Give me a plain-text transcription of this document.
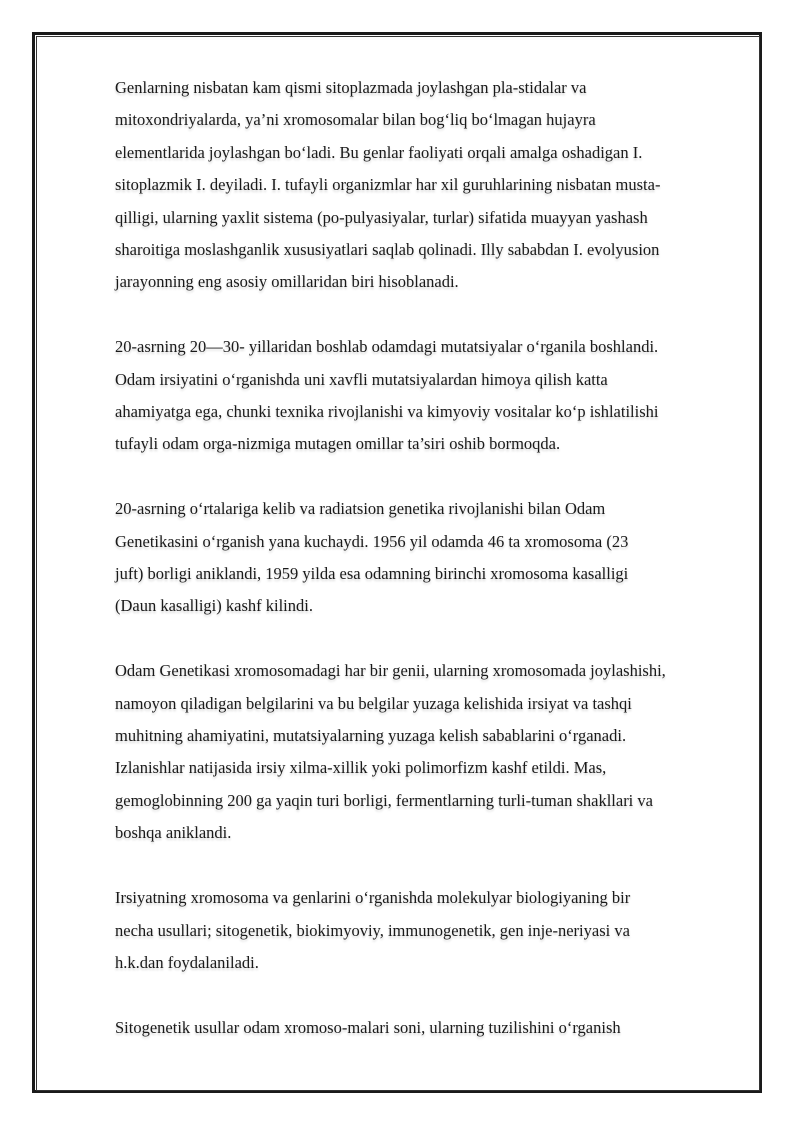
Genlarning nisbatan kam qismi sitoplazmada joylashgan pla-stidalar va
mitoxondriyalarda, ya’ni xromosomalar bilan bog‘liq bo‘lmagan hujayra
elementlarida joylashgan bo‘ladi. Bu genlar faoliyati orqali amalga oshadigan I.
sitoplazmik I. deyiladi. I. tufayli organizmlar har xil guruhlarining nisbatan musta-
qilligi, ularning yaxlit sistema (po-pulyasiyalar, turlar) sifatida muayyan yashash
sharoitiga moslashganlik xususiyatlari saqlab qolinadi. Illy sababdan I. evolyusion
jarayonning eng asosiy omillaridan biri hisoblanadi.

20-asrning 20—30- yillaridan boshlab odamdagi mutatsiyalar o‘rganila boshlandi.
Odam irsiyatini o‘rganishda uni xavfli mutatsiyalardan himoya qilish katta
ahamiyatga ega, chunki texnika rivojlanishi va kimyoviy vositalar ko‘p ishlatilishi
tufayli odam orga-nizmiga mutagen omillar ta’siri oshib bormoqda.

20-asrning o‘rtalariga kelib va radiatsion genetika rivojlanishi bilan Odam
Genetikasini o‘rganish yana kuchaydi. 1956 yil odamda 46 ta xromosoma (23
juft) borligi aniklandi, 1959 yilda esa odamning birinchi xromosoma kasalligi
(Daun kasalligi) kashf kilindi.

Odam Genetikasi xromosomadagi har bir genii, ularning xromosomada joylashishi,
namoyon qiladigan belgilarini va bu belgilar yuzaga kelishida irsiyat va tashqi
muhitning ahamiyatini, mutatsiyalarning yuzaga kelish sabablarini o‘rganadi.
Izlanishlar natijasida irsiy xilma-xillik yoki polimorfizm kashf etildi. Mas,
gemoglobinning 200 ga yaqin turi borligi, fermentlarning turli-tuman shakllari va
boshqa aniklandi.

Irsiyatning xromosoma va genlarini o‘rganishda molekulyar biologiyaning bir
necha usullari; sitogenetik, biokimyoviy, immunogenetik, gen inje-neriyasi va
h.k.dan foydalaniladi.

Sitogenetik usullar odam xromoso-malari soni, ularning tuzilishini o‘rganish
